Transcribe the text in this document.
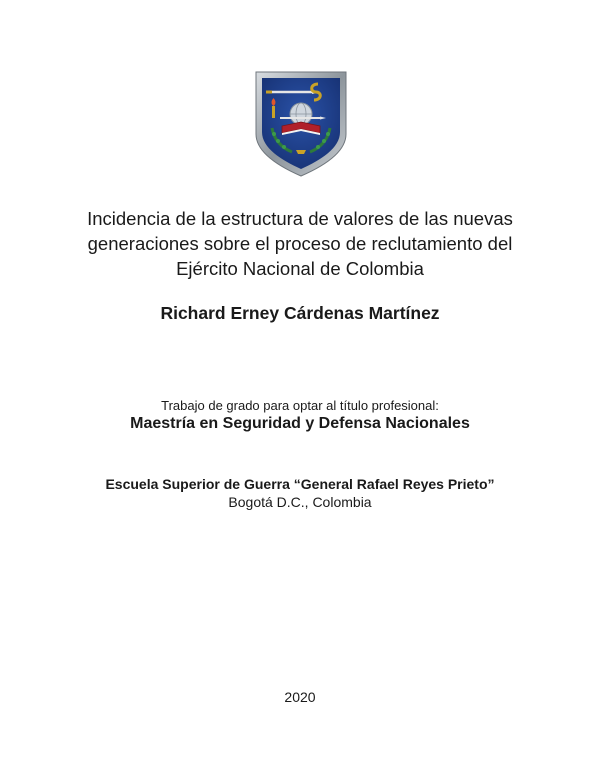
Incidencia de la estructura de valores de las nuevas
generaciones sobre el proceso de reclutamiento del
Ejército Nacional de Colombia
Richard Erney Cárdenas Martínez
Trabajo de grado para optar al título profesional:
Maestría en Seguridad y Defensa Nacionales
Escuela Superior de Guerra “General Rafael Reyes Prieto”
Bogotá D.C., Colombia
2020
